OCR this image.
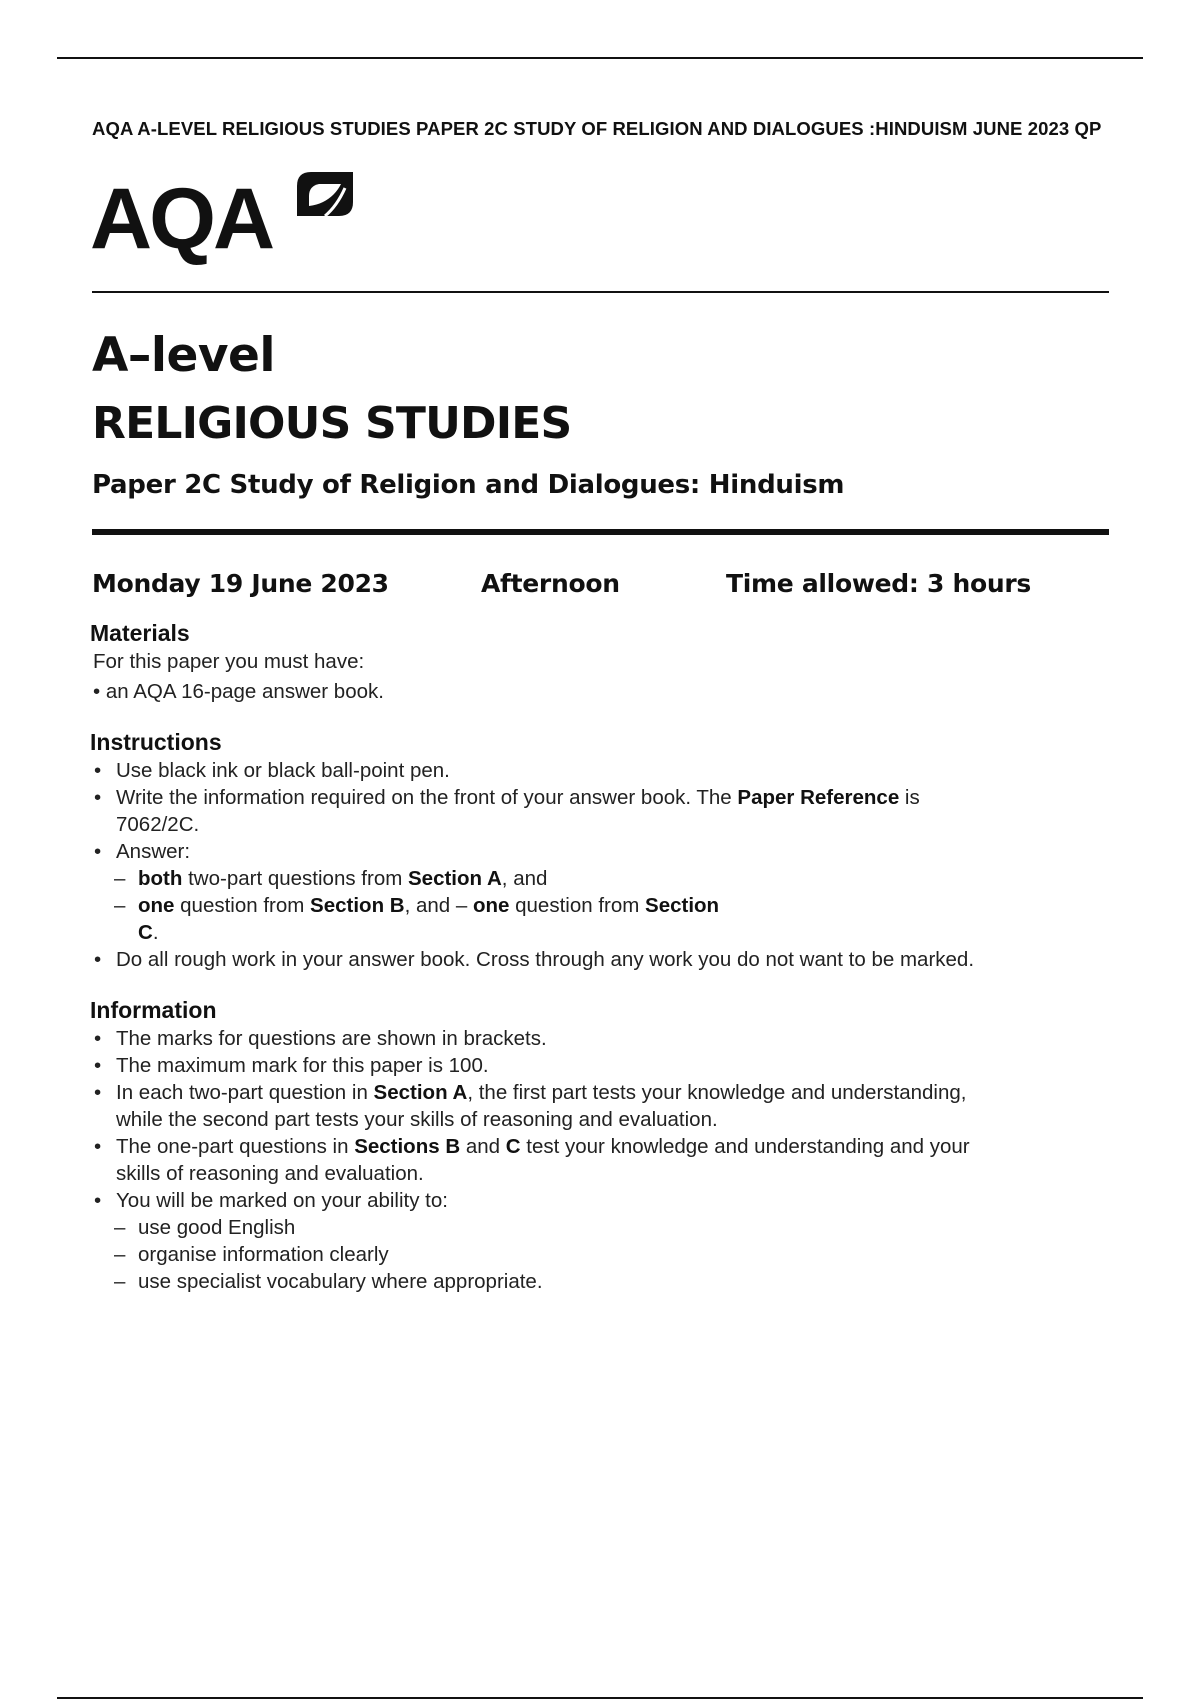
AQA A-LEVEL RELIGIOUS STUDIES PAPER 2C STUDY OF RELIGION AND DIALOGUES :HINDUISM JUNE 2023 QP
AQA
A–level
RELIGIOUS STUDIES
Paper 2C Study of Religion and Dialogues: Hinduism
Monday 19 June 2023	Afternoon	Time allowed: 3 hours
Materials
For this paper you must have:
• an AQA 16-page answer book.
Instructions
• Use black ink or black ball-point pen.
• Write the information required on the front of your answer book. The Paper Reference is
7062/2C.
• Answer:
– both two-part questions from Section A, and
– one question from Section B, and – one question from Section
C.
• Do all rough work in your answer book. Cross through any work you do not want to be marked.
Information
• The marks for questions are shown in brackets.
• The maximum mark for this paper is 100.
• In each two-part question in Section A, the first part tests your knowledge and understanding,
while the second part tests your skills of reasoning and evaluation.
• The one-part questions in Sections B and C test your knowledge and understanding and your
skills of reasoning and evaluation.
• You will be marked on your ability to:
– use good English
– organise information clearly
– use specialist vocabulary where appropriate.
